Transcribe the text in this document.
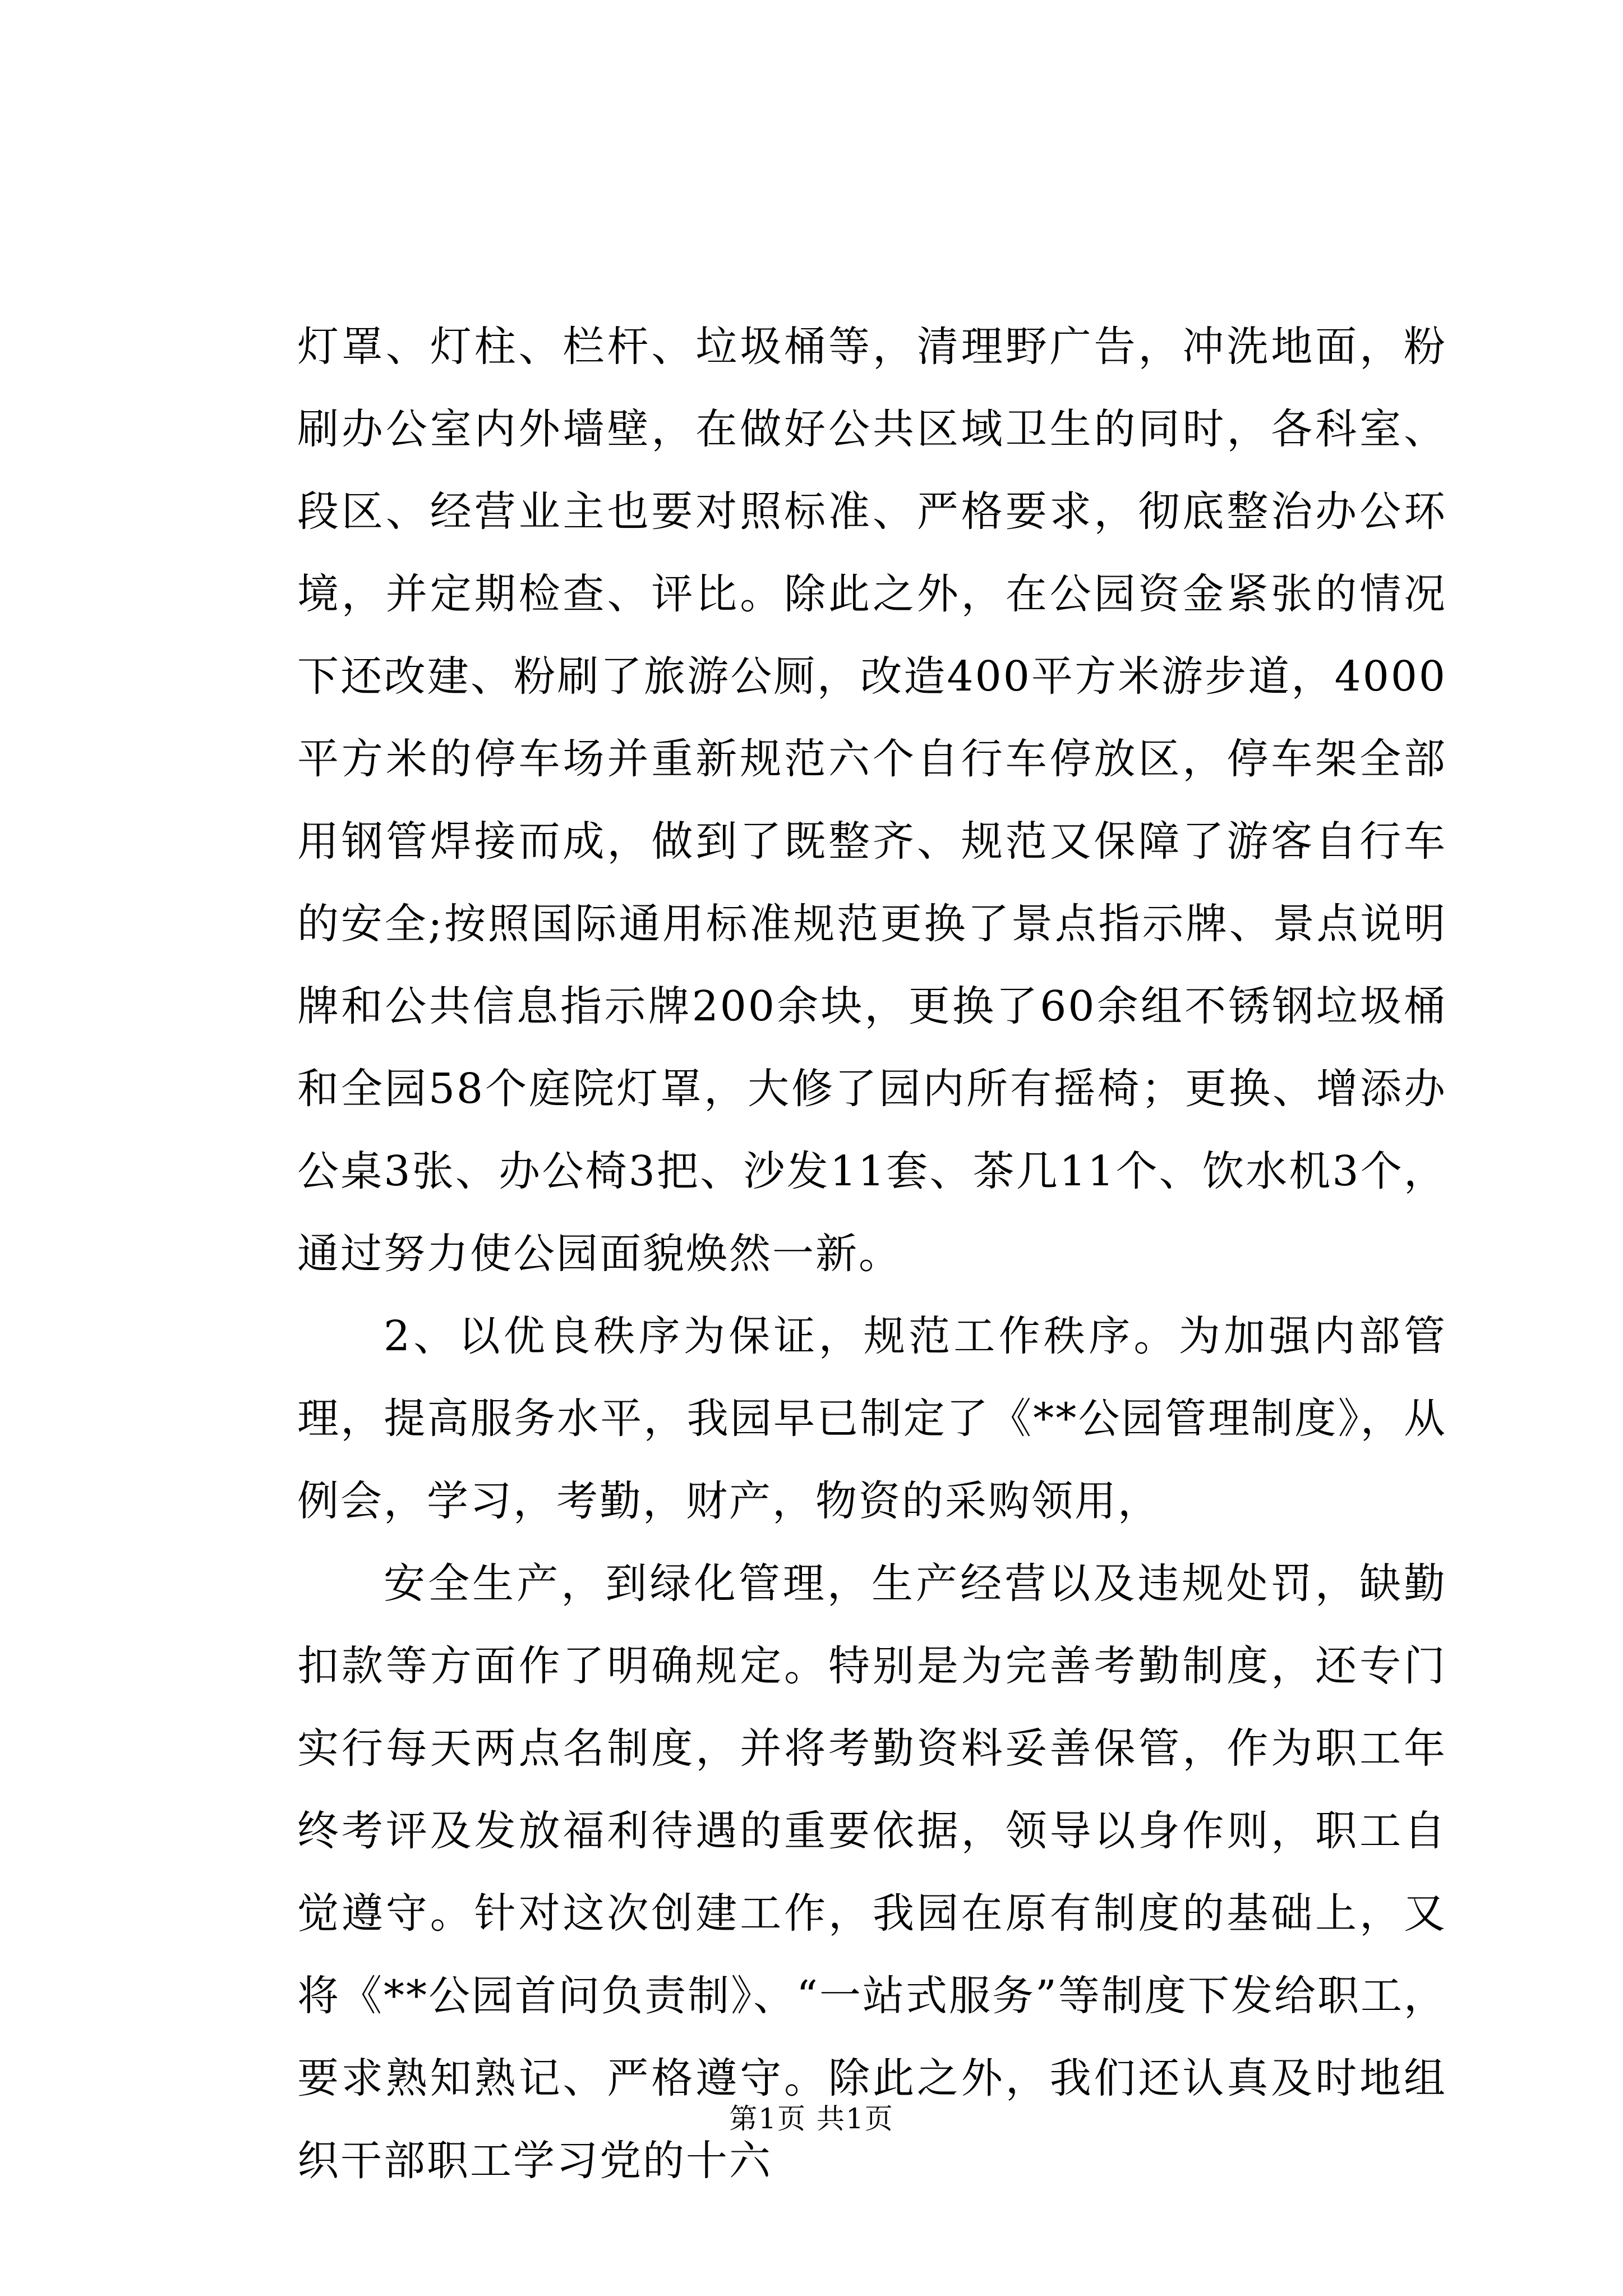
灯罩、灯柱、栏杆、垃圾桶等，清理野广告，冲洗地面，粉刷办公室内外墙壁，在做好公共区域卫生的同时，各科室、段区、经营业主也要对照标准、严格要求，彻底整治办公环境，并定期检查、评比。除此之外，在公园资金紧张的情况下还改建、粉刷了旅游公厕，改造400平方米游步道，4000平方米的停车场并重新规范六个自行车停放区，停车架全部用钢管焊接而成，做到了既整齐、规范又保障了游客自行车的安全;按照国际通用标准规范更换了景点指示牌、景点说明牌和公共信息指示牌200余块，更换了60余组不锈钢垃圾桶和全园58个庭院灯罩，大修了园内所有摇椅；更换、增添办公桌3张、办公椅3把、沙发11套、茶几11个、饮水机3个，通过努力使公园面貌焕然一新。

2、以优良秩序为保证，规范工作秩序。为加强内部管理，提高服务水平，我园早已制定了《**公园管理制度》，从例会，学习，考勤，财产，物资的采购领用，

安全生产，到绿化管理，生产经营以及违规处罚，缺勤扣款等方面作了明确规定。特别是为完善考勤制度，还专门实行每天两点名制度，并将考勤资料妥善保管，作为职工年终考评及发放福利待遇的重要依据，领导以身作则，职工自觉遵守。针对这次创建工作，我园在原有制度的基础上，又将《**公园首问负责制》、“一站式服务”等制度下发给职工，要求熟知熟记、严格遵守。除此之外，我们还认真及时地组织干部职工学习党的十六

第1页 共1页
